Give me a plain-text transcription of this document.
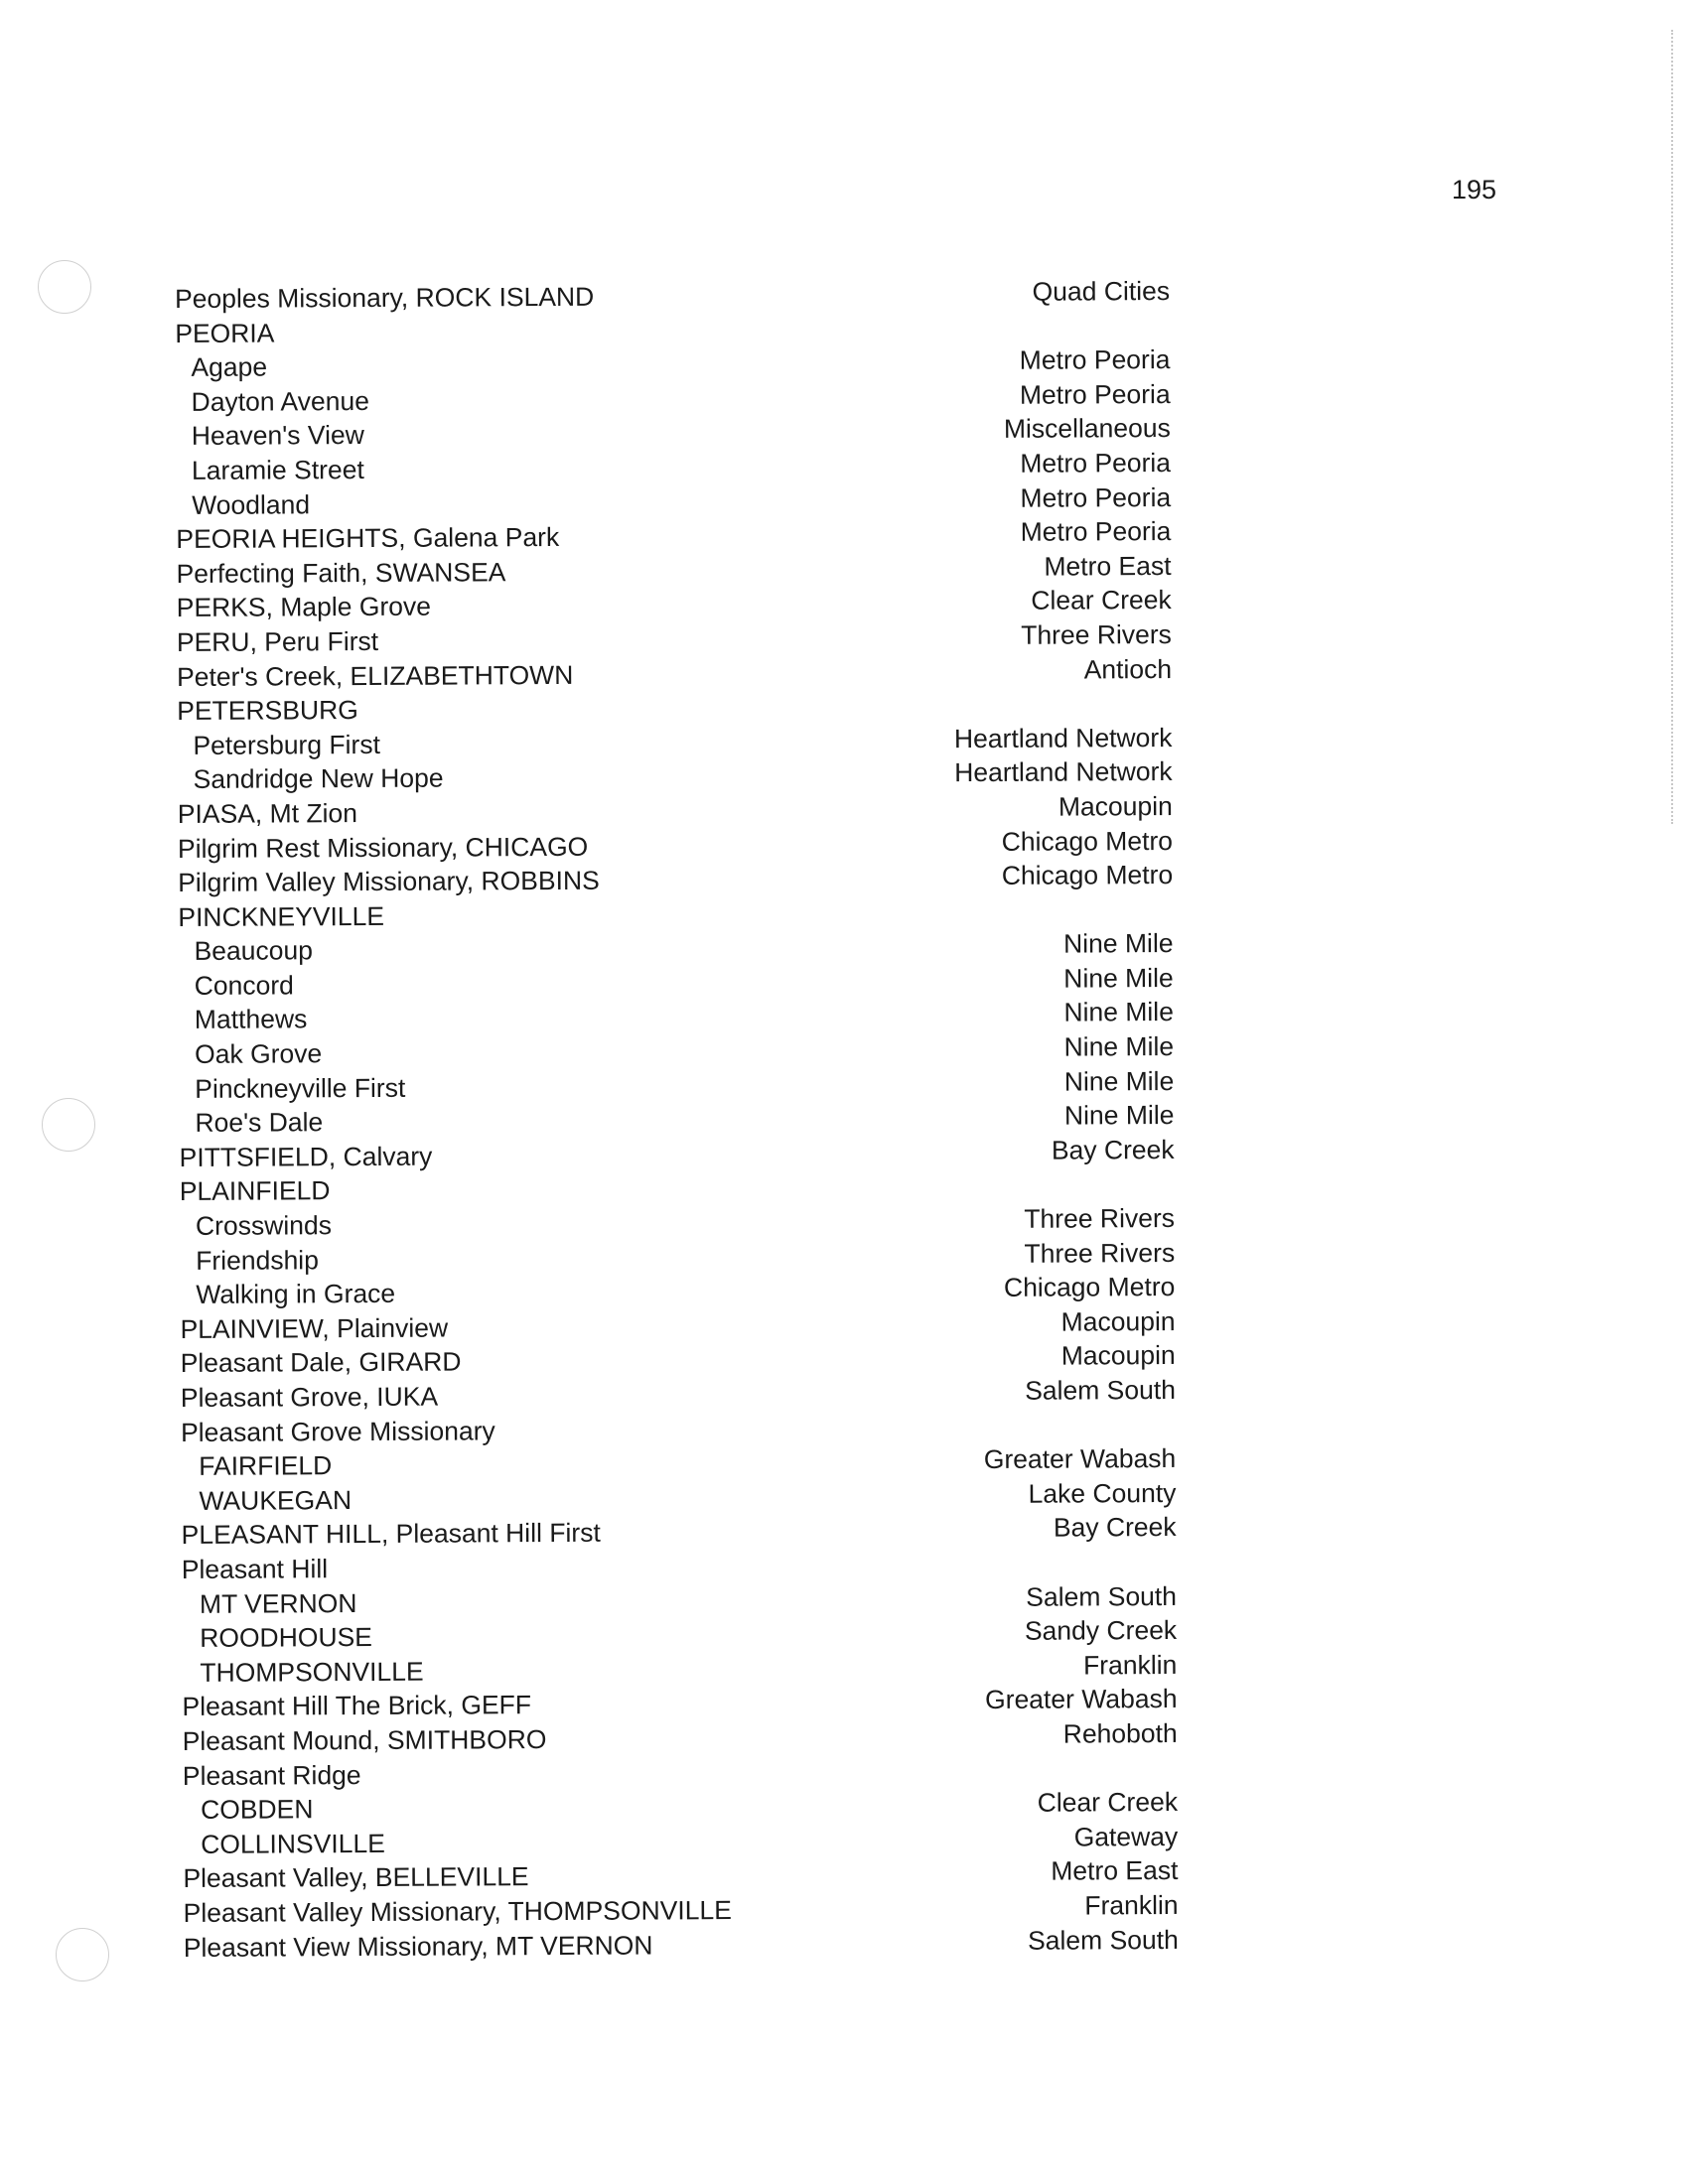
195
Peoples Missionary, ROCK ISLAND
PEORIA
Agape
Dayton Avenue
Heaven's View
Laramie Street
Woodland
PEORIA HEIGHTS, Galena Park
Perfecting Faith, SWANSEA
PERKS, Maple Grove
PERU, Peru First
Peter's Creek, ELIZABETHTOWN
PETERSBURG
Petersburg First
Sandridge New Hope
PIASA, Mt Zion
Pilgrim Rest Missionary, CHICAGO
Pilgrim Valley Missionary, ROBBINS
PINCKNEYVILLE
Beaucoup
Concord
Matthews
Oak Grove
Pinckneyville First
Roe's Dale
PITTSFIELD, Calvary
PLAINFIELD
Crosswinds
Friendship
Walking in Grace
PLAINVIEW, Plainview
Pleasant Dale, GIRARD
Pleasant Grove, IUKA
Pleasant Grove Missionary
FAIRFIELD
WAUKEGAN
PLEASANT HILL, Pleasant Hill First
Pleasant Hill
MT VERNON
ROODHOUSE
THOMPSONVILLE
Pleasant Hill The Brick, GEFF
Pleasant Mound, SMITHBORO
Pleasant Ridge
COBDEN
COLLINSVILLE
Pleasant Valley, BELLEVILLE
Pleasant Valley Missionary, THOMPSONVILLE
Pleasant View Missionary, MT VERNON
Quad Cities
Metro Peoria
Metro Peoria
Miscellaneous
Metro Peoria
Metro Peoria
Metro Peoria
Metro East
Clear Creek
Three Rivers
Antioch
Heartland Network
Heartland Network
Macoupin
Chicago Metro
Chicago Metro
Nine Mile
Nine Mile
Nine Mile
Nine Mile
Nine Mile
Nine Mile
Bay Creek
Three Rivers
Three Rivers
Chicago Metro
Macoupin
Macoupin
Salem South
Greater Wabash
Lake County
Bay Creek
Salem South
Sandy Creek
Franklin
Greater Wabash
Rehoboth
Clear Creek
Gateway
Metro East
Franklin
Salem South
